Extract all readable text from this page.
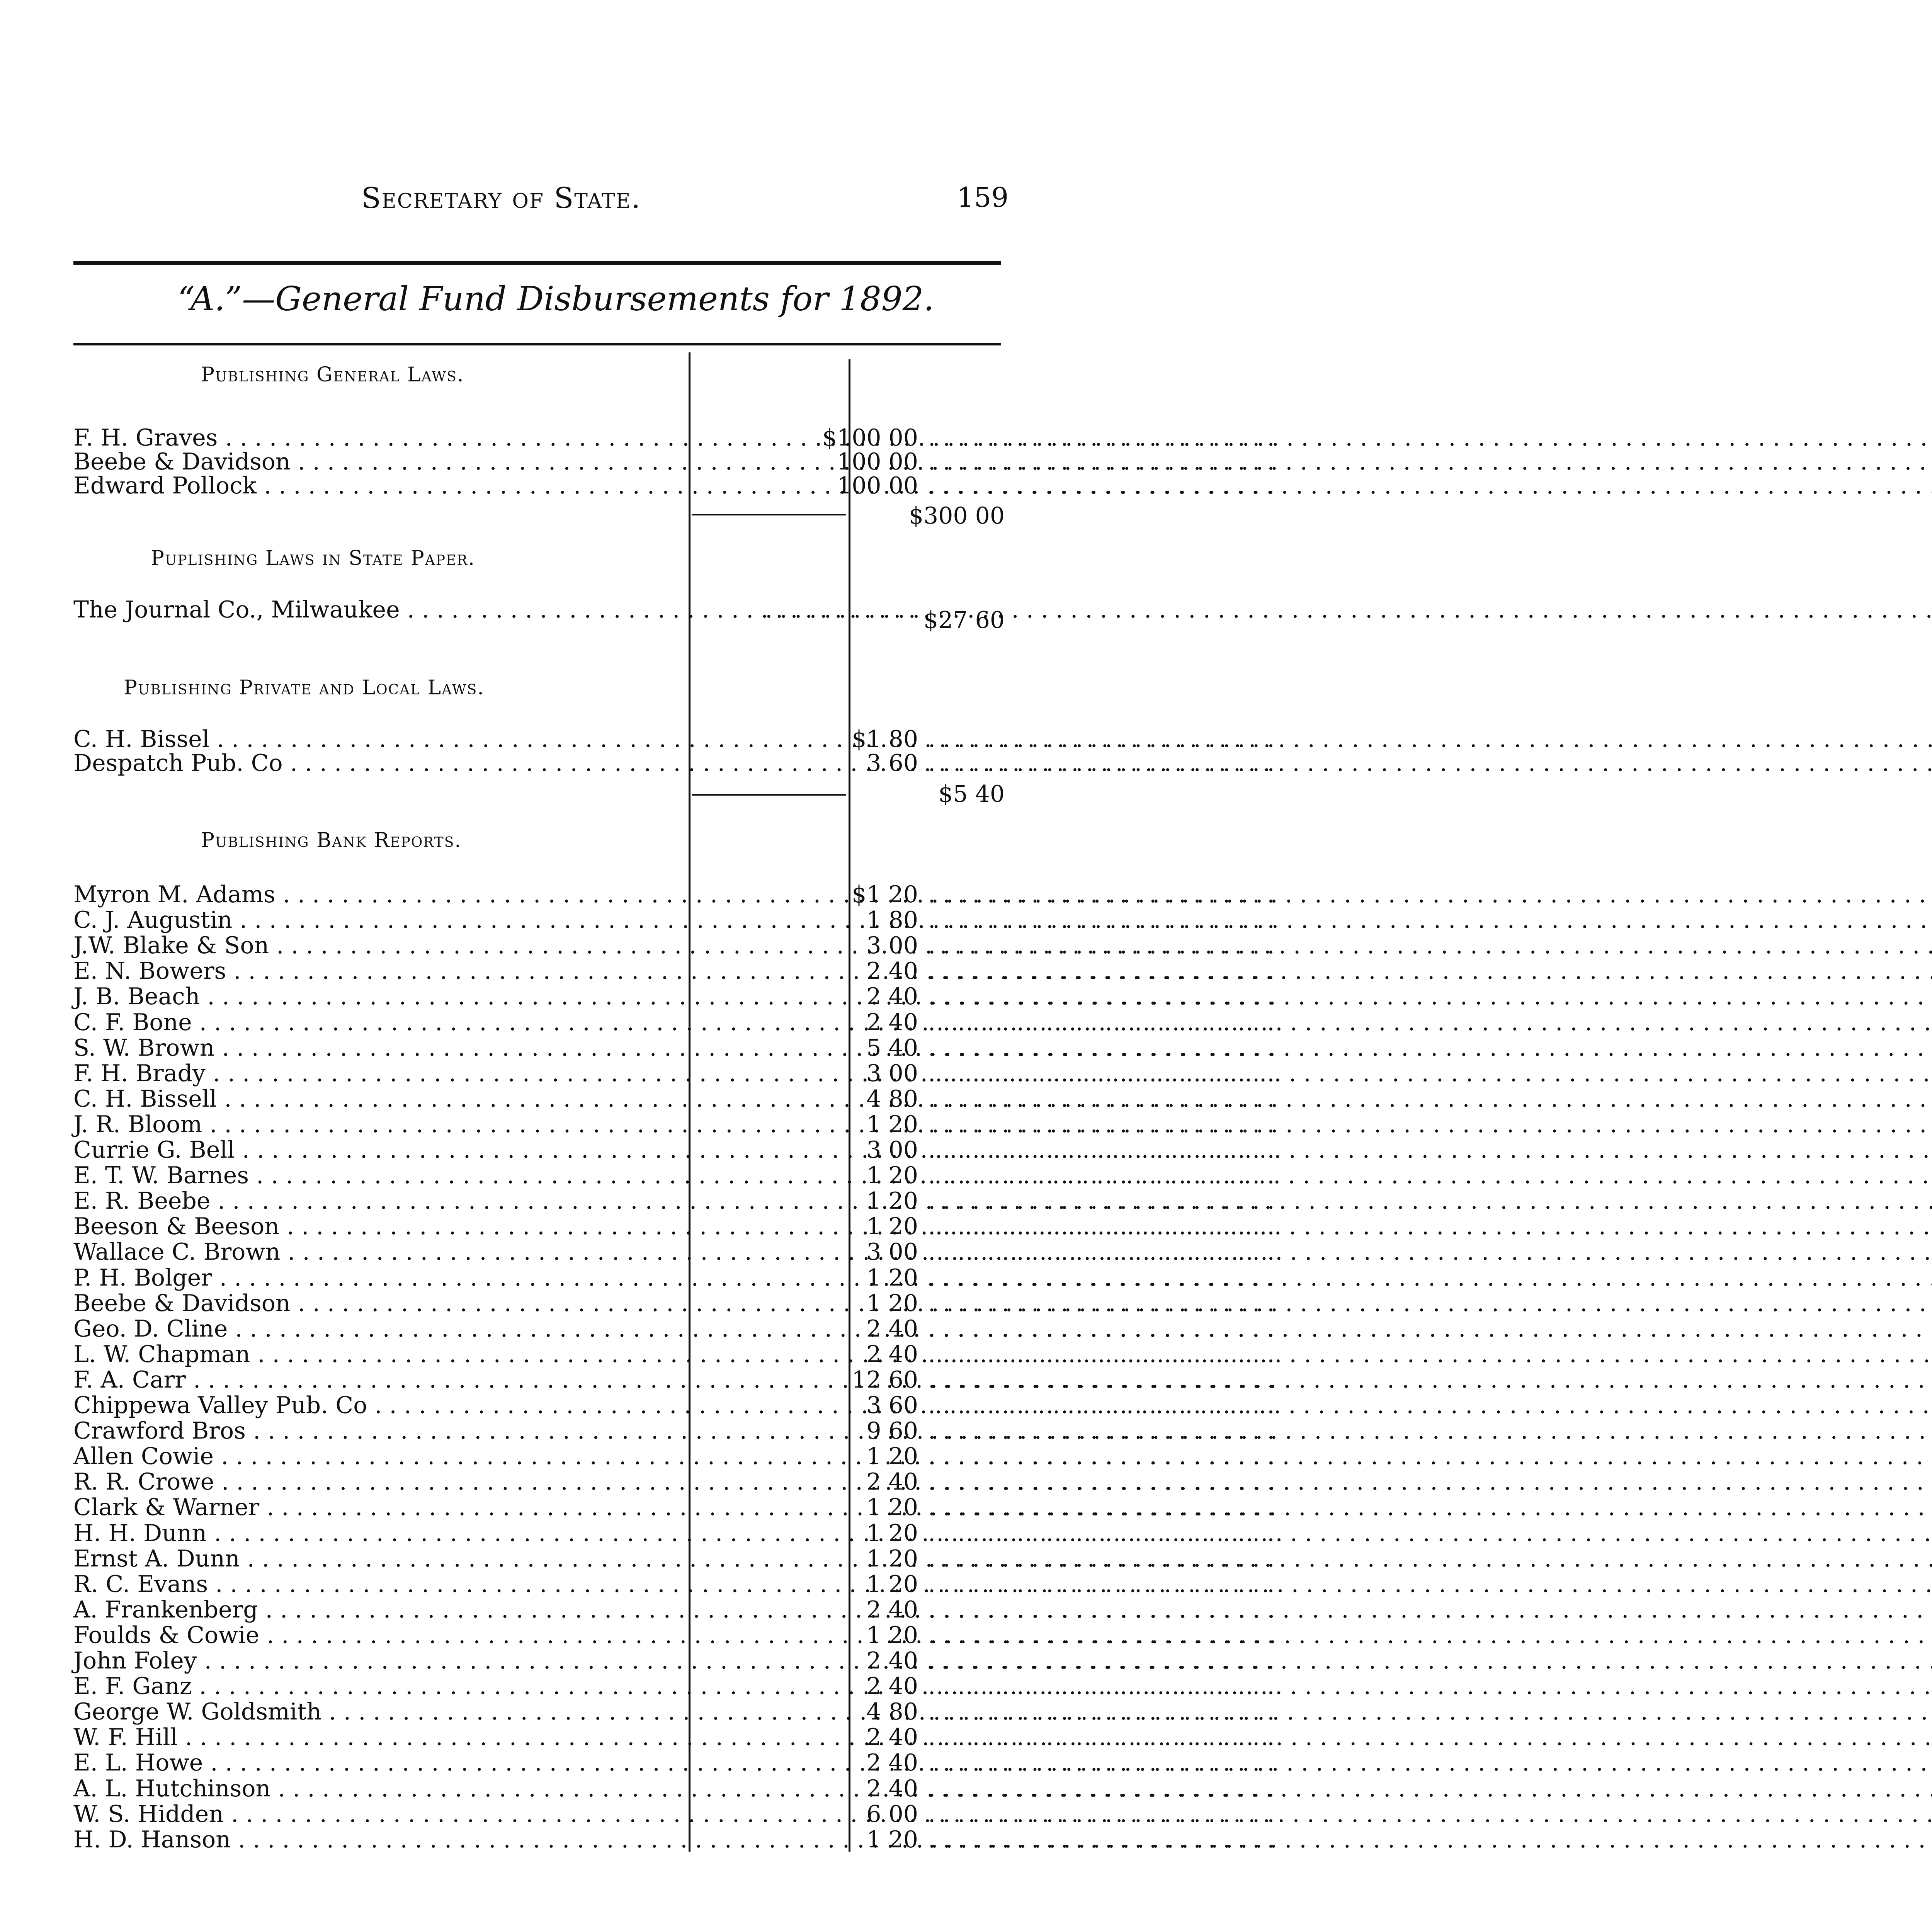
Secretary of State.	159
“A.”—General Fund Disbursements for 1892.
Publishing General Laws.
F. H. Graves . . .	$100 00 . . . . . . . . . . . . . . . . . . . . . . . .
Beebe & Davidson . . .	100 00 . . . . . . . . . . . . . . . . . . . . . . . .
Edward Pollock . . .	100 00 . . . . . . . . . . . . . . . . . . . . . . . .
$300 00
Puplishing Laws in State Paper.
The Journal Co., Milwaukee . . .	. . . . . . . . . . . $27 60
Publishing Private and Local Laws.
C. H. Bissel . . .	$1 80 . . . . . . . . . . . . . . . . . . . . . . . .
Despatch Pub. Co . . .	3 60 . . . . . . . . . . . . . . . . . . . . . . . .
$5 40
Publishing Bank Reports.
Myron M. Adams . . .	$1 20 . . . . . . . . . . . . . . . . . . . . . . . .
C. J. Augustin . . .	1 80 . . . . . . . . . . . . . . . . . . . . . . . .
J.W. Blake & Son . . .	3 00 . . . . . . . . . . . . . . . . . . . . . . . .
E. N. Bowers . . .	2 40 . . . . . . . . . . . . . . . . . . . . . . . .
J. B. Beach . . .	2 40 . . . . . . . . . . . . . . . . . . . . . . . .
C. F. Bone . . .	2 40 . . . . . . . . . . . . . . . . . . . . . . . .
S. W. Brown . . .	5 40 . . . . . . . . . . . . . . . . . . . . . . . .
F. H. Brady . . .	3 00 . . . . . . . . . . . . . . . . . . . . . . . .
C. H. Bissell . . .	4 80 . . . . . . . . . . . . . . . . . . . . . . . .
J. R. Bloom . . .	1 20 . . . . . . . . . . . . . . . . . . . . . . . .
Currie G. Bell . . .	3 00 . . . . . . . . . . . . . . . . . . . . . . . .
E. T. W. Barnes . . .	1 20 . . . . . . . . . . . . . . . . . . . . . . . .
E. R. Beebe . . .	1 20 . . . . . . . . . . . . . . . . . . . . . . . .
Beeson & Beeson . . .	1 20 . . . . . . . . . . . . . . . . . . . . . . . .
Wallace C. Brown . . .	3 00 . . . . . . . . . . . . . . . . . . . . . . . .
P. H. Bolger . . .	1 20 . . . . . . . . . . . . . . . . . . . . . . . .
Beebe & Davidson . . .	1 20 . . . . . . . . . . . . . . . . . . . . . . . .
Geo. D. Cline . . .	2 40 . . . . . . . . . . . . . . . . . . . . . . . .
L. W. Chapman . . .	2 40 . . . . . . . . . . . . . . . . . . . . . . . .
F. A. Carr . . .	12 60 . . . . . . . . . . . . . . . . . . . . . . . .
Chippewa Valley Pub. Co . . .	3 60 . . . . . . . . . . . . . . . . . . . . . . . .
Crawford Bros . . .	9 60 . . . . . . . . . . . . . . . . . . . . . . . .
Allen Cowie . . .	1 20 . . . . . . . . . . . . . . . . . . . . . . . .
R. R. Crowe . . .	2 40 . . . . . . . . . . . . . . . . . . . . . . . .
Clark & Warner . . .	1 20 . . . . . . . . . . . . . . . . . . . . . . . .
H. H. Dunn . . .	1 20 . . . . . . . . . . . . . . . . . . . . . . . .
Ernst A. Dunn . . .	1 20 . . . . . . . . . . . . . . . . . . . . . . . .
R. C. Evans . . .	1 20 . . . . . . . . . . . . . . . . . . . . . . . .
A. Frankenberg . . .	2 40 . . . . . . . . . . . . . . . . . . . . . . . .
Foulds & Cowie . . .	1 20 . . . . . . . . . . . . . . . . . . . . . . . .
John Foley . . .	2 40 . . . . . . . . . . . . . . . . . . . . . . . .
E. F. Ganz . . .	2 40 . . . . . . . . . . . . . . . . . . . . . . . .
George W. Goldsmith . . .	4 80 . . . . . . . . . . . . . . . . . . . . . . . .
W. F. Hill . . .	2 40 . . . . . . . . . . . . . . . . . . . . . . . .
E. L. Howe . . .	2 40 . . . . . . . . . . . . . . . . . . . . . . . .
A. L. Hutchinson . . .	2 40 . . . . . . . . . . . . . . . . . . . . . . . .
W. S. Hidden . . .	6 00 . . . . . . . . . . . . . . . . . . . . . . . .
H. D. Hanson . . .	1 20 . . . . . . . . . . . . . . . . . . . . . . . .
